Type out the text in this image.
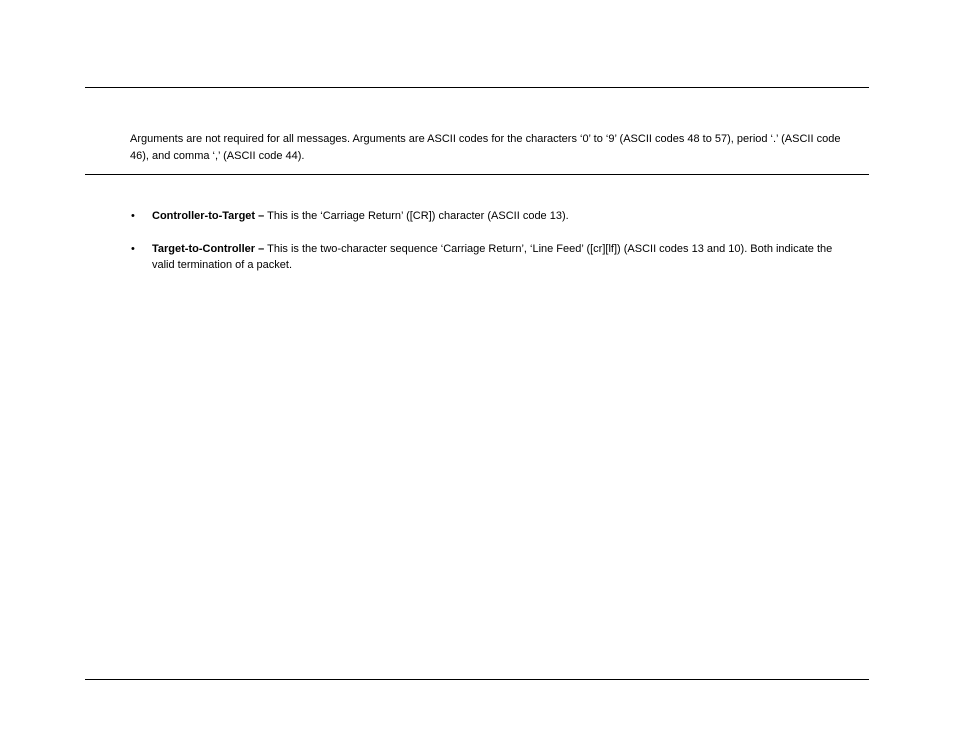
Arguments are not required for all messages. Arguments are ASCII codes for the characters ‘0’ to ‘9’ (ASCII codes 48 to 57), period ‘.’ (ASCII code 46), and comma ‘,’ (ASCII code 44).

• Controller-to-Target – This is the ‘Carriage Return’ ([CR]) character (ASCII code 13).
• Target-to-Controller – This is the two-character sequence ‘Carriage Return’, ‘Line Feed’ ([cr][lf]) (ASCII codes 13 and 10). Both indicate the valid termination of a packet.
